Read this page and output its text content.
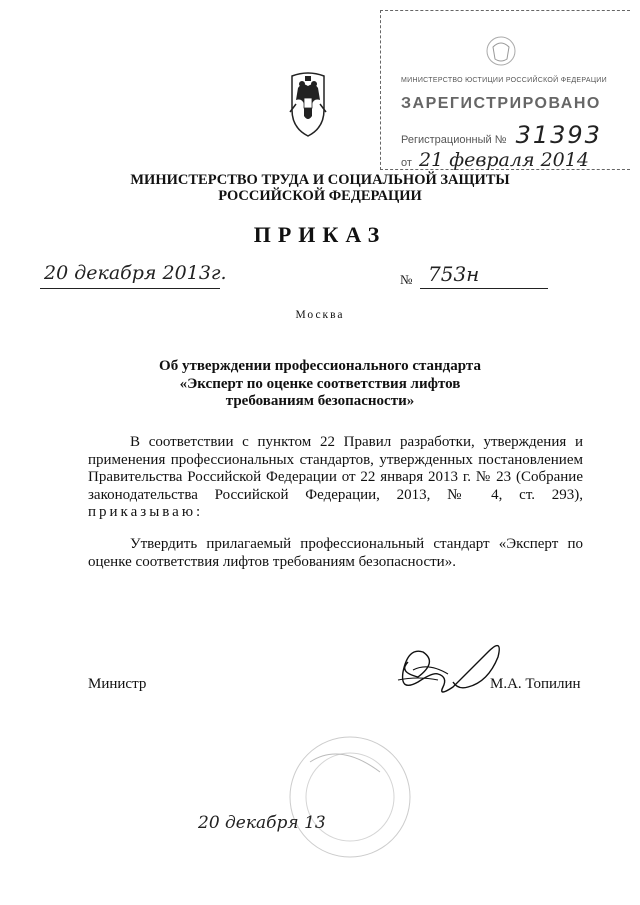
МИНИСТЕРСТВО ЮСТИЦИИ РОССИЙСКОЙ ФЕДЕРАЦИИ
ЗАРЕГИСТРИРОВАНО
Регистрационный № 31393
от 21 февраля 2014
МИНИСТЕРСТВО ТРУДА И СОЦИАЛЬНОЙ ЗАЩИТЫ
РОССИЙСКОЙ ФЕДЕРАЦИИ
ПРИКАЗ
20 декабря 2013г.	№ 753н
Москва
Об утверждении профессионального стандарта
«Эксперт по оценке соответствия лифтов
требованиям безопасности»
В соответствии с пунктом 22 Правил разработки, утверждения и применения профессиональных стандартов, утвержденных постановлением Правительства Российской Федерации от 22 января 2013 г. № 23 (Собрание законодательства Российской Федерации, 2013, № 4, ст. 293), приказываю:
Утвердить прилагаемый профессиональный стандарт «Эксперт по оценке соответствия лифтов требованиям безопасности».
Министр	М.А. Топилин
20 декабря 13
